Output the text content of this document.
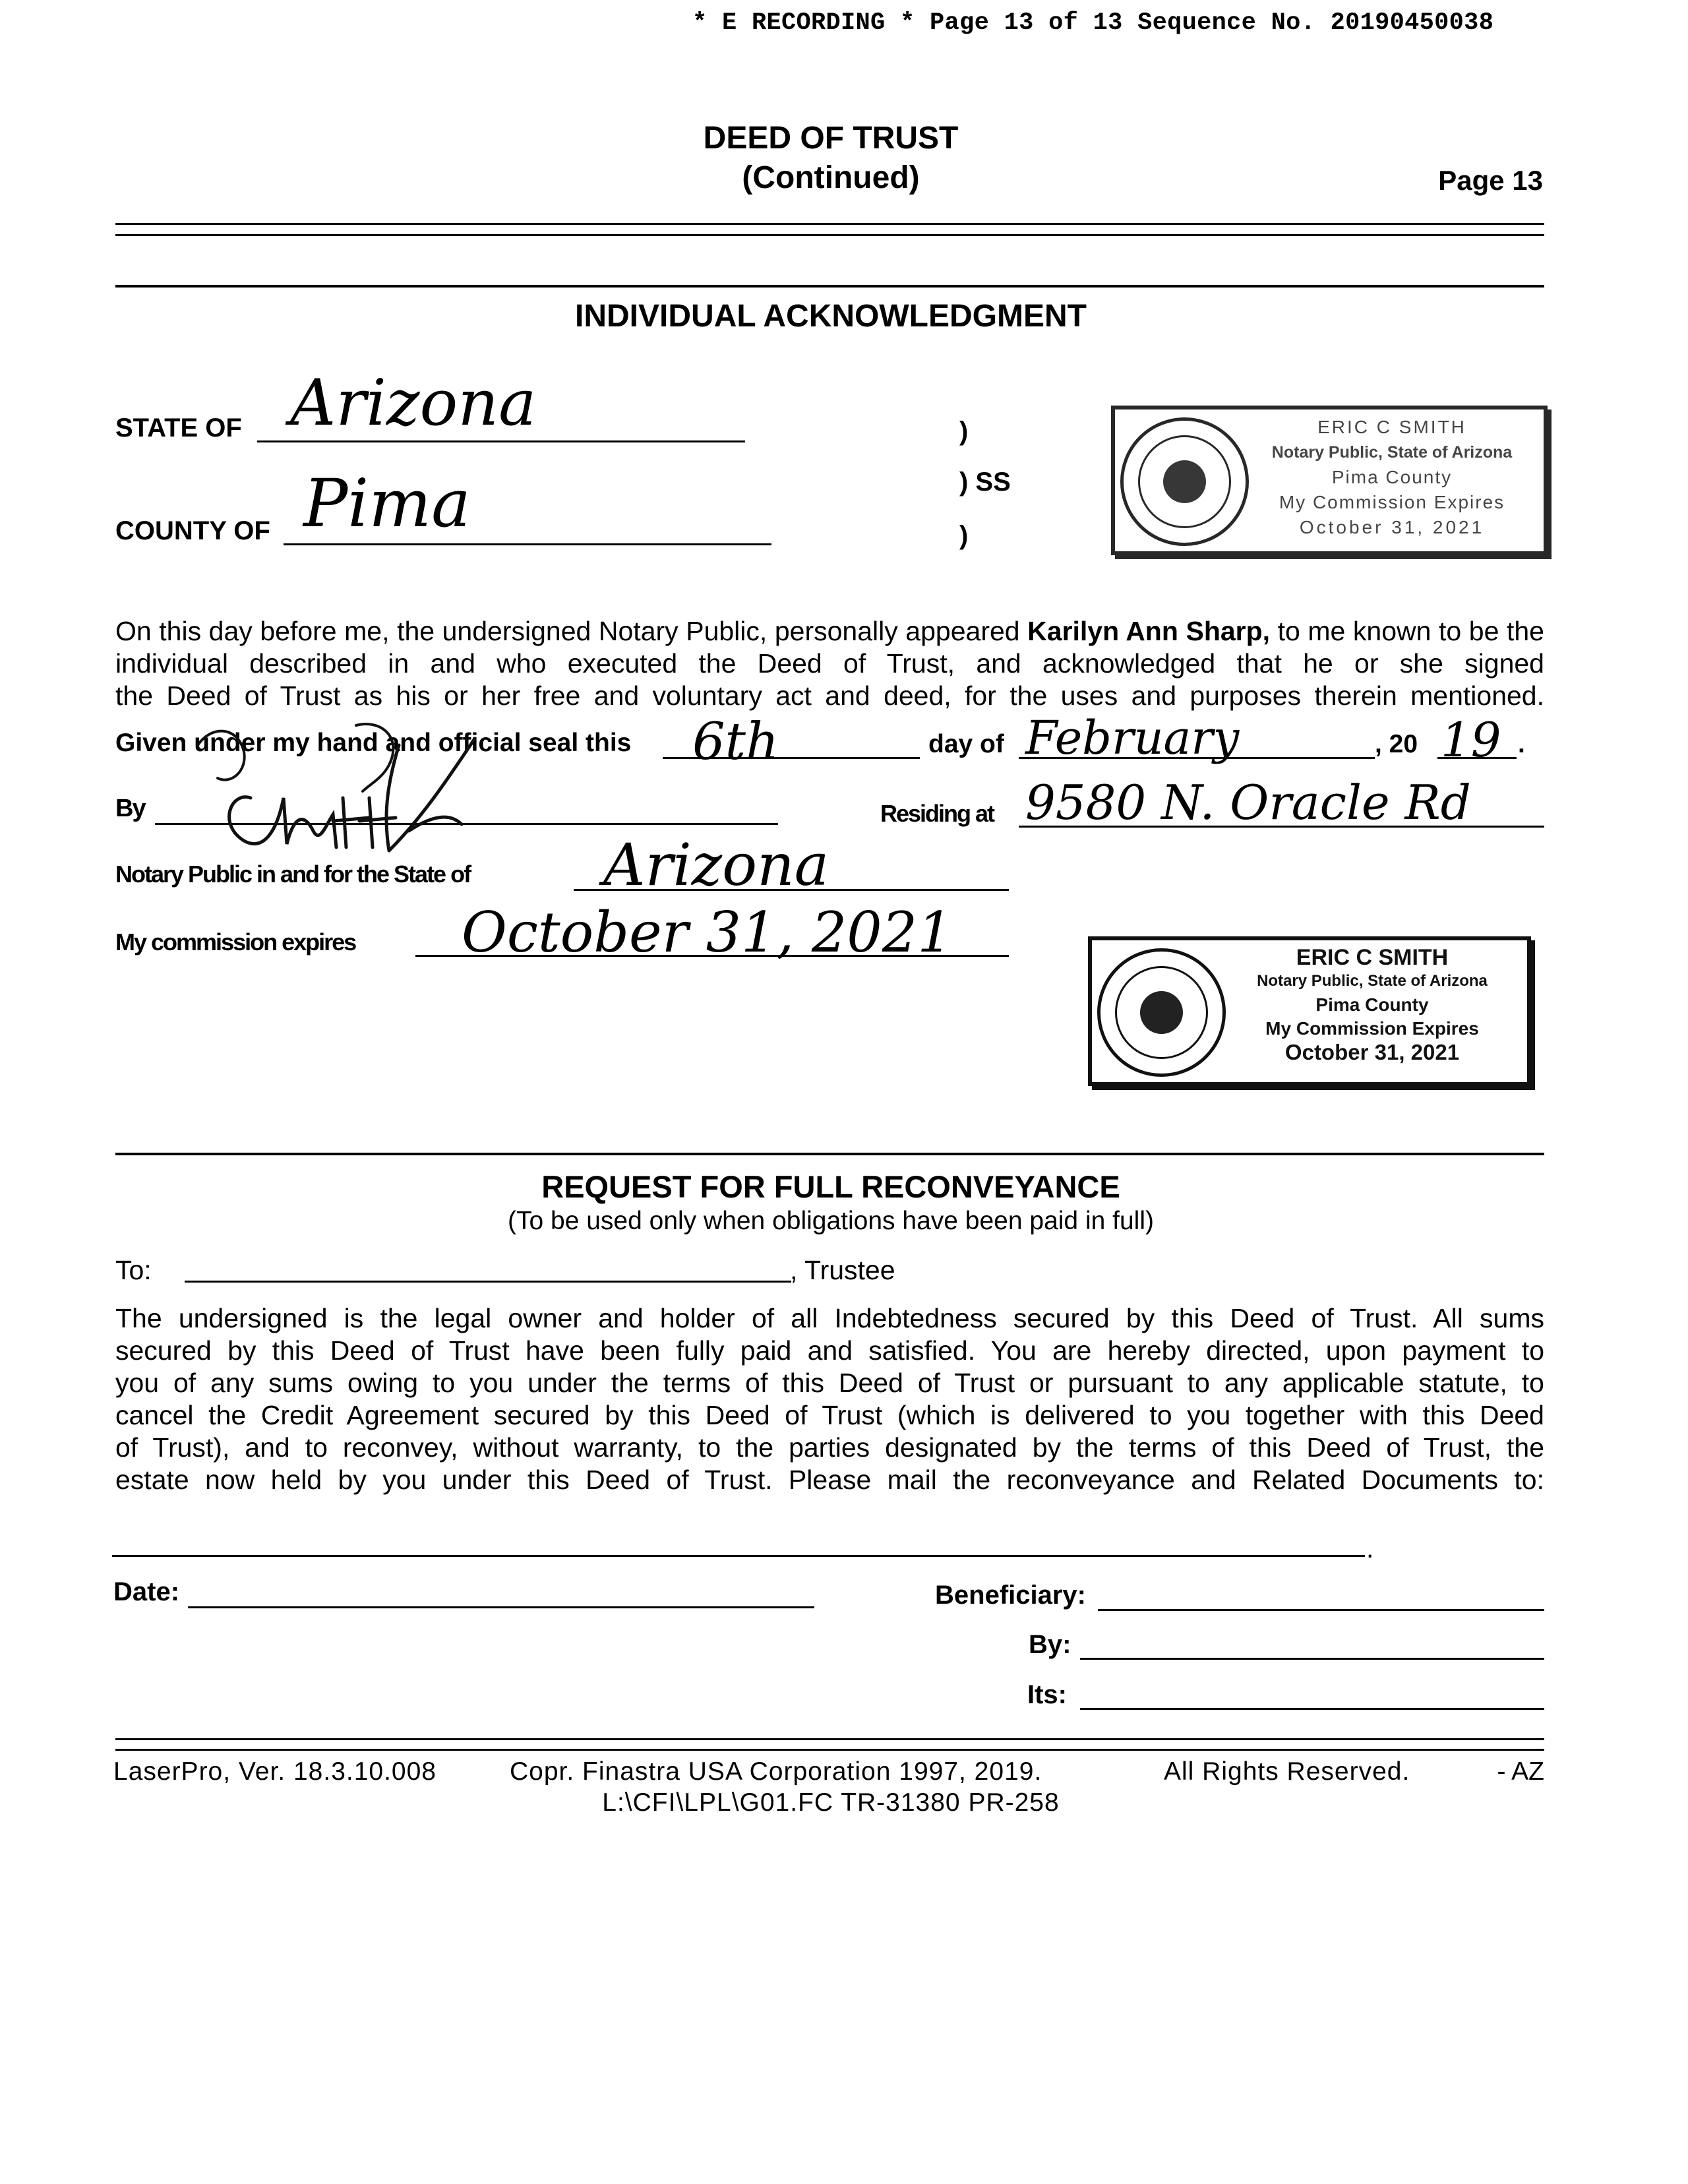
* E RECORDING * Page 13 of 13 Sequence No. 20190450038
DEED OF TRUST
(Continued)	Page 13
INDIVIDUAL ACKNOWLEDGMENT
STATE OF Arizona
COUNTY OF Pima
)
) SS
)
ERIC C SMITH
Notary Public, State of Arizona
Pima County
My Commission Expires
October 31, 2021
On this day before me, the undersigned Notary Public, personally appeared Karilyn Ann Sharp, to me known to be the individual described in and who executed the Deed of Trust, and acknowledged that he or she signed
the Deed of Trust as his or her free and voluntary act and deed, for the uses and purposes therein mentioned.
Given under my hand and official seal this 6th	day of February	, 20 19 .
By	Residing at 9580 N. Oracle Rd
Notary Public in and for the State of Arizona
My commission expires October 31, 2021	ERIC C SMITH
Notary Public, State of Arizona
Pima County
My Commission Expires
October 31, 2021
REQUEST FOR FULL RECONVEYANCE
(To be used only when obligations have been paid in full)
To:	, Trustee
The undersigned is the legal owner and holder of all Indebtedness secured by this Deed of Trust. All sums
secured by this Deed of Trust have been fully paid and satisfied. You are hereby directed, upon payment to
you of any sums owing to you under the terms of this Deed of Trust or pursuant to any applicable statute, to
cancel the Credit Agreement secured by this Deed of Trust (which is delivered to you together with this Deed
of Trust), and to reconvey, without warranty, to the parties designated by the terms of this Deed of Trust, the
estate now held by you under this Deed of Trust. Please mail the reconveyance and Related Documents to:
.
Date:	Beneficiary:
By:
Its:
LaserPro, Ver. 18.3.10.008	Copr. Finastra USA Corporation 1997, 2019.	All Rights Reserved.	- AZ
L:\CFI\LPL\G01.FC TR-31380 PR-258
